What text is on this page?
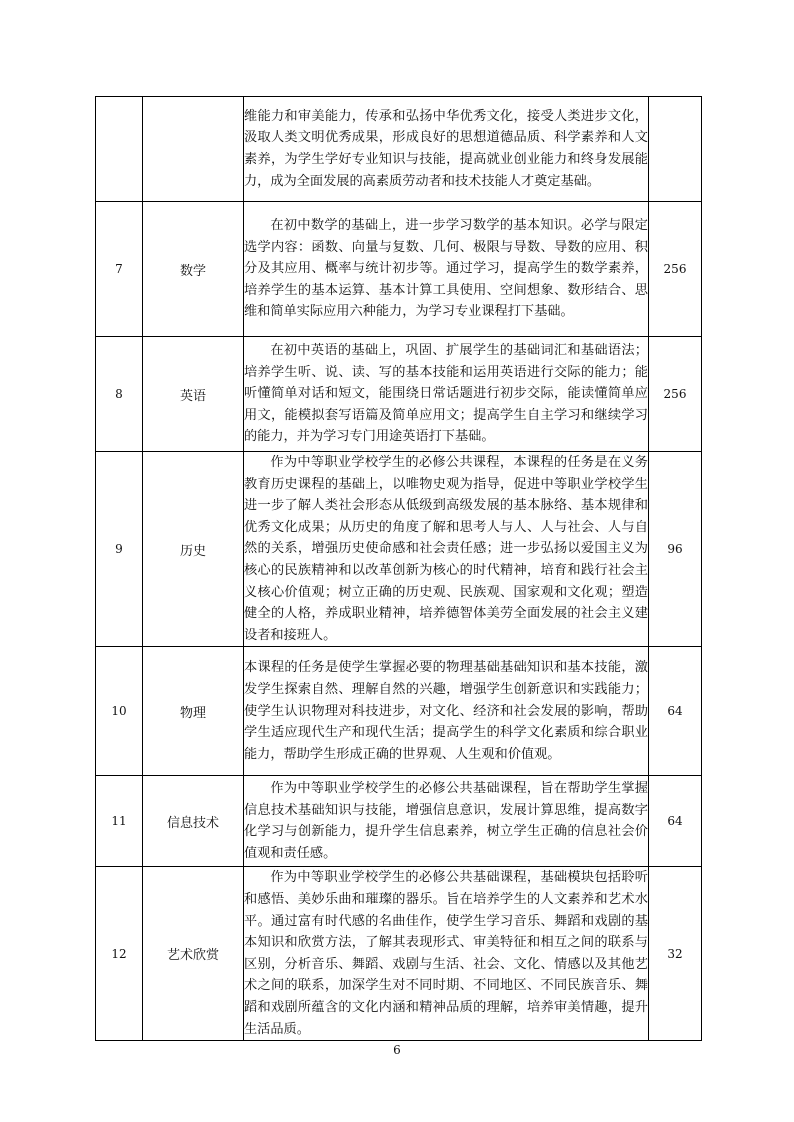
		维能力和审美能力，传承和弘扬中华优秀文化，接受人类进步文化，汲取人类文明优秀成果，形成良好的思想道德品质、科学素养和人文素养，为学生学好专业知识与技能，提高就业创业能力和终身发展能力，成为全面发展的高素质劳动者和技术技能人才奠定基础。	

7	数学	在初中数学的基础上，进一步学习数学的基本知识。必学与限定选学内容：函数、向量与复数、几何、极限与导数、导数的应用、积分及其应用、概率与统计初步等。通过学习，提高学生的数学素养，培养学生的基本运算、基本计算工具使用、空间想象、数形结合、思维和简单实际应用六种能力，为学习专业课程打下基础。	256
8	英语	在初中英语的基础上，巩固、扩展学生的基础词汇和基础语法；培养学生听、说、读、写的基本技能和运用英语进行交际的能力；能听懂简单对话和短文，能围绕日常话题进行初步交际，能读懂简单应用文，能模拟套写语篇及简单应用文；提高学生自主学习和继续学习的能力，并为学习专门用途英语打下基础。	256
9	历史	作为中等职业学校学生的必修公共课程，本课程的任务是在义务教育历史课程的基础上，以唯物史观为指导，促进中等职业学校学生进一步了解人类社会形态从低级到高级发展的基本脉络、基本规律和优秀文化成果；从历史的角度了解和思考人与人、人与社会、人与自然的关系，增强历史使命感和社会责任感；进一步弘扬以爱国主义为核心的民族精神和以改革创新为核心的时代精神，培育和践行社会主义核心价值观；树立正确的历史观、民族观、国家观和文化观；塑造健全的人格，养成职业精神，培养德智体美劳全面发展的社会主义建设者和接班人。	96
10	物理	本课程的任务是使学生掌握必要的物理基础基础知识和基本技能，激发学生探索自然、理解自然的兴趣，增强学生创新意识和实践能力；使学生认识物理对科技进步，对文化、经济和社会发展的影响，帮助学生适应现代生产和现代生活；提高学生的科学文化素质和综合职业能力，帮助学生形成正确的世界观、人生观和价值观。	64
11	信息技术	作为中等职业学校学生的必修公共基础课程，旨在帮助学生掌握信息技术基础知识与技能，增强信息意识，发展计算思维，提高数字化学习与创新能力，提升学生信息素养，树立学生正确的信息社会价值观和责任感。	64
12	艺术欣赏	作为中等职业学校学生的必修公共基础课程，基础模块包括聆听和感悟、美妙乐曲和璀璨的器乐。旨在培养学生的人文素养和艺术水平。通过富有时代感的名曲佳作，使学生学习音乐、舞蹈和戏剧的基本知识和欣赏方法，了解其表现形式、审美特征和相互之间的联系与区别，分析音乐、舞蹈、戏剧与生活、社会、文化、情感以及其他艺术之间的联系，加深学生对不同时期、不同地区、不同民族音乐、舞蹈和戏剧所蕴含的文化内涵和精神品质的理解，培养审美情趣，提升生活品质。	32
6
